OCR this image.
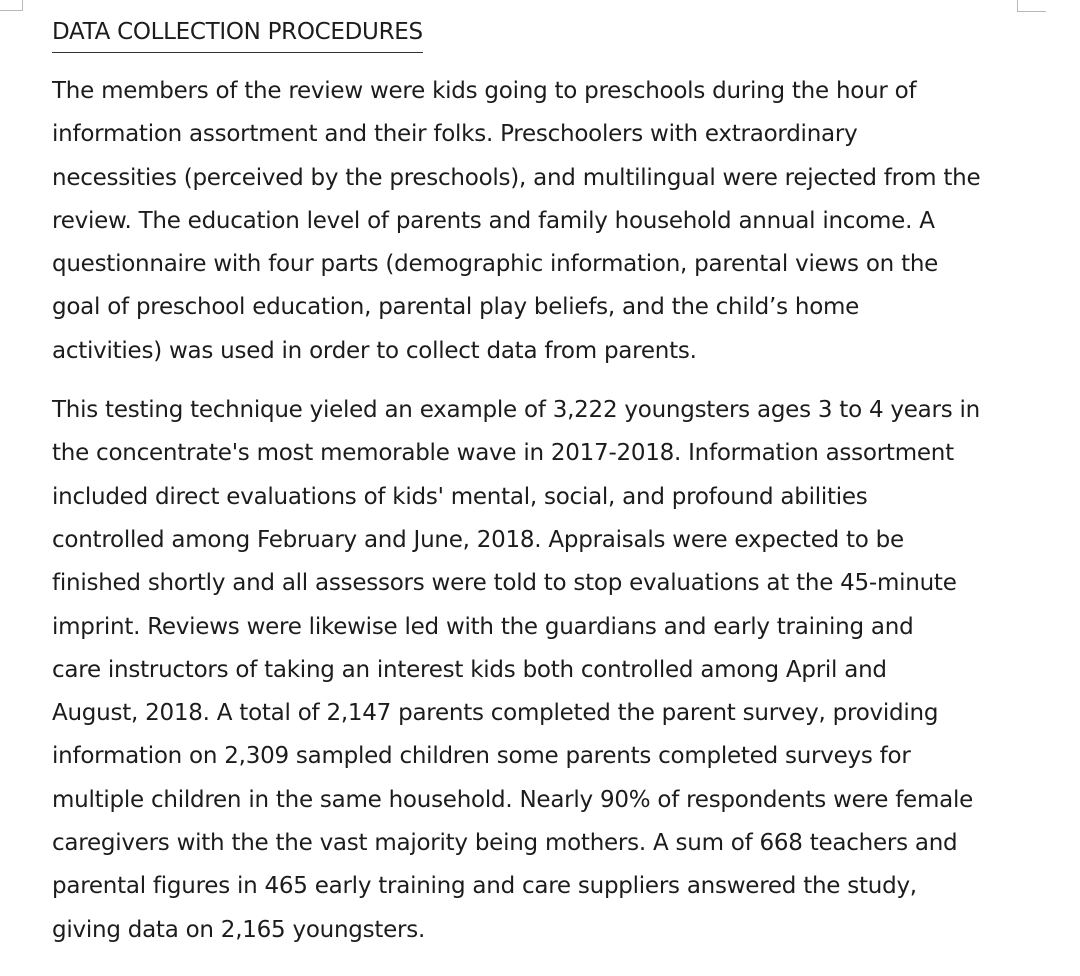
DATA COLLECTION PROCEDURES

The members of the review were kids going to preschools during the hour of
information assortment and their folks. Preschoolers with extraordinary
necessities (perceived by the preschools), and multilingual were rejected from the
review. The education level of parents and family household annual income. A
questionnaire with four parts (demographic information, parental views on the
goal of preschool education, parental play beliefs, and the child’s home
activities) was used in order to collect data from parents.

This testing technique yieled an example of 3,222 youngsters ages 3 to 4 years in
the concentrate's most memorable wave in 2017-2018. Information assortment
included direct evaluations of kids' mental, social, and profound abilities
controlled among February and June, 2018. Appraisals were expected to be
finished shortly and all assessors were told to stop evaluations at the 45-minute
imprint. Reviews were likewise led with the guardians and early training and
care instructors of taking an interest kids both controlled among April and
August, 2018. A total of 2,147 parents completed the parent survey, providing
information on 2,309 sampled children some parents completed surveys for
multiple children in the same household. Nearly 90% of respondents were female
caregivers with the the vast majority being mothers. A sum of 668 teachers and
parental figures in 465 early training and care suppliers answered the study,
giving data on 2,165 youngsters.
